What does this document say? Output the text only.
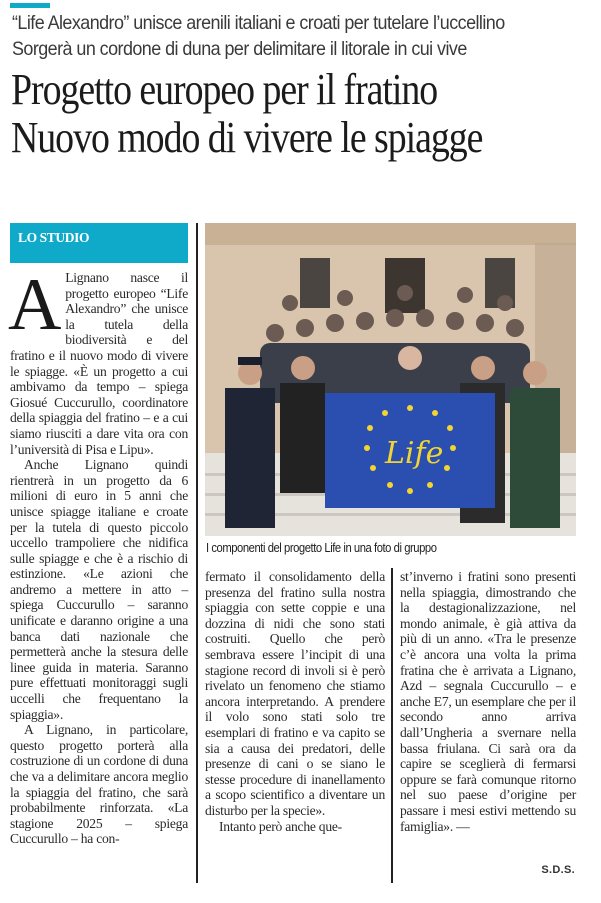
“Life Alexandro” unisce arenili italiani e croati per tutelare l’uccellino
Sorgerà un cordone di duna per delimitare il litorale in cui vive
Progetto europeo per il fratino
Nuovo modo di vivere le spiagge
LO STUDIO

A Lignano nasce il progetto europeo “Life Alexandro” che unisce la tutela della biodiversità e del fratino e il nuovo modo di vivere le spiagge. «È un progetto a cui ambivamo da tempo – spiega Giosué Cuccurullo, coordinatore della spiaggia del fratino – e a cui siamo riusciti a dare vita ora con l’università di Pisa e Lipu».

Anche Lignano quindi rientrerà in un progetto da 6 milioni di euro in 5 anni che unisce spiagge italiane e croate per la tutela di questo piccolo uccello trampoliere che nidifica sulle spiagge e che è a rischio di estinzione. «Le azioni che andremo a mettere in atto – spiega Cuccurullo – saranno unificate e daranno origine a una banca dati nazionale che permetterà anche la stesura delle linee guida in materia. Saranno pure effettuati monitoraggi sugli uccelli che frequentano la spiaggia».

A Lignano, in particolare, questo progetto porterà alla costruzione di un cordone di duna che va a delimitare ancora meglio la spiaggia del fratino, che sarà probabilmente rinforzata. «La stagione 2025 – spiega Cuccurullo – ha con-

Life
I componenti del progetto Life in una foto di gruppo

fermato il consolidamento della presenza del fratino sulla nostra spiaggia con sette coppie e una dozzina di nidi che sono stati costruiti. Quello che però sembrava essere l’incipit di una stagione record di involi si è però rivelato un fenomeno che stiamo ancora interpretando. A prendere il volo sono stati solo tre esemplari di fratino e va capito se sia a causa dei predatori, delle presenze di cani o se siano le stesse procedure di inanellamento a scopo scientifico a diventare un disturbo per la specie».

Intanto però anche que-

st’inverno i fratini sono presenti nella spiaggia, dimostrando che la destagionalizzazione, nel mondo animale, è già attiva da più di un anno. «Tra le presenze c’è ancora una volta la prima fratina che è arrivata a Lignano, Azd – segnala Cuccurullo – e anche E7, un esemplare che per il secondo anno arriva dall’Ungheria a svernare nella bassa friulana. Ci sarà ora da capire se sceglierà di fermarsi oppure se farà comunque ritorno nel suo paese d’origine per passare i mesi estivi mettendo su famiglia». —

S.D.S.
